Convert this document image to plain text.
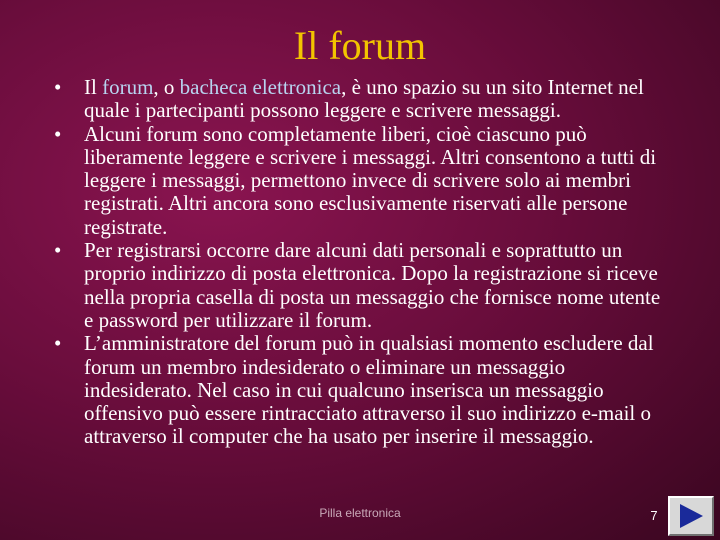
Il forum

• Il forum, o bacheca elettronica, è uno spazio su un sito Internet nel quale i partecipanti possono leggere e scrivere messaggi.

• Alcuni forum sono completamente liberi, cioè ciascuno può liberamente leggere e scrivere i messaggi. Altri consentono a tutti di leggere i messaggi, permettono invece di scrivere solo ai membri registrati. Altri ancora sono esclusivamente riservati alle persone registrate.

• Per registrarsi occorre dare alcuni dati personali e soprattutto un proprio indirizzo di posta elettronica. Dopo la registrazione si riceve nella propria casella di posta un messaggio che fornisce nome utente e password per utilizzare il forum.

• L’amministratore del forum può in qualsiasi momento escludere dal forum un membro indesiderato o eliminare un messaggio indesiderato. Nel caso in cui qualcuno inserisca un messaggio offensivo può essere rintracciato attraverso il suo indirizzo e-mail o attraverso il computer che ha usato per inserire il messaggio.

Pilla elettronica	7
